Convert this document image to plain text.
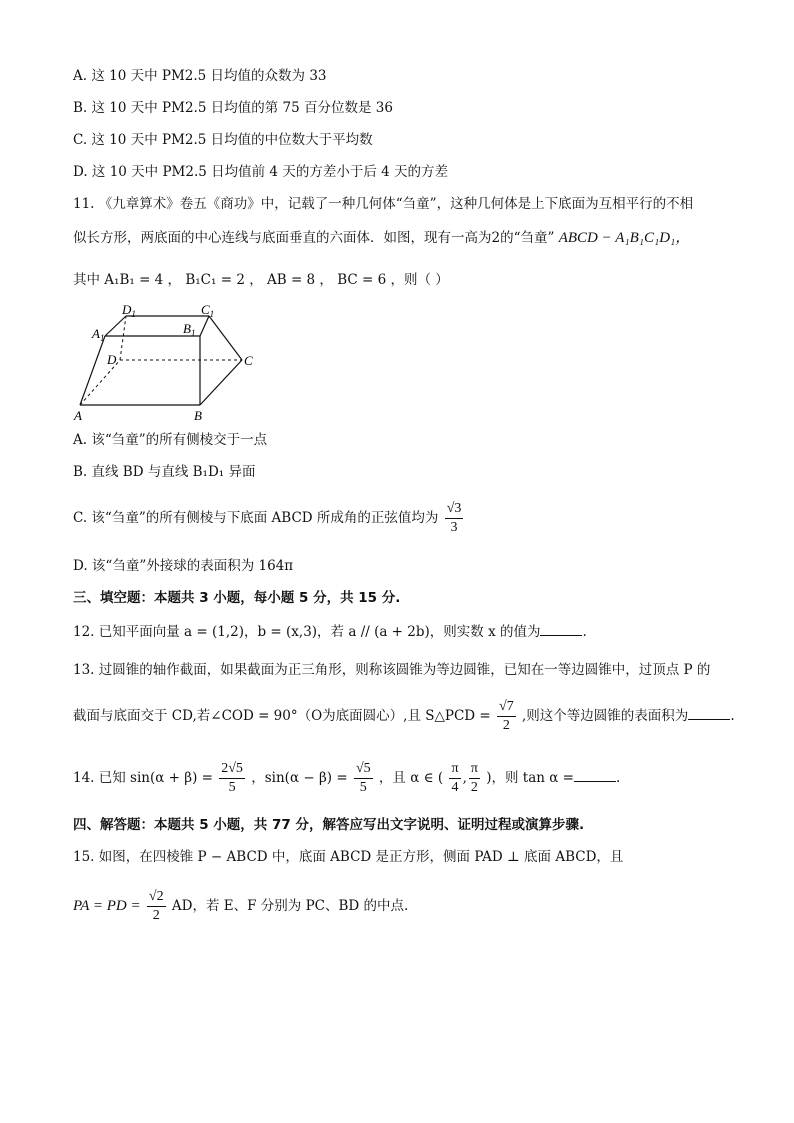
A. 这 10 天中 PM2.5 日均值的众数为 33
B. 这 10 天中 PM2.5 日均值的第 75 百分位数是 36
C. 这 10 天中 PM2.5 日均值的中位数大于平均数
D. 这 10 天中 PM2.5 日均值前 4 天的方差小于后 4 天的方差
11. 《九章算术》卷五《商功》中，记载了一种几何体“刍童”，这种几何体是上下底面为互相平行的不相
似长方形，两底面的中心连线与底面垂直的六面体．如图，现有一高为2的“刍童” ABCD − A₁B₁C₁D₁，
其中 A₁B₁ = 4 ， B₁C₁ = 2 ， AB = 8 ， BC = 6 ，则（ ）
A	B
C
D
$A_1$
$B_1$
$C_1$
$D_1$
A. 该“刍童”的所有侧棱交于一点
B. 直线 BD 与直线 B₁D₁ 异面
C. 该“刍童”的所有侧棱与下底面 ABCD 所成角的正弦值均为 $\frac{√3}{3}$
D. 该“刍童”外接球的表面积为 164π
三、填空题：本题共 3 小题，每小题 5 分，共 15 分.
12. 已知平面向量 a = (1,2)，b = (x,3)，若 a // (a + 2b)，则实数 x 的值为	.
13. 过圆锥的轴作截面，如果截面为正三角形，则称该圆锥为等边圆锥，已知在一等边圆锥中，过顶点 P 的
截面与底面交于 CD,若∠COD = 90°（O为底面圆心）,且 S△PCD = $\frac{√7}{2}$ ,则这个等边圆锥的表面积为	.
14. 已知 $\sin(\alpha + \beta) = \frac{2√5}{5}$ ，$\sin(\alpha - \beta) = \frac{√5}{5}$ ，且 α ∈ ( $\frac{\pi}{4}$ , $\frac{\pi}{2}$ )，则 tan α =	.
四、解答题：本题共 5 小题，共 77 分，解答应写出文字说明、证明过程或演算步骤.
15. 如图，在四棱锥 P − ABCD 中，底面 ABCD 是正方形，侧面 PAD ⊥ 底面 ABCD，且
PA = PD = $\frac{√2}{2}$ AD，若 E、F 分别为 PC、BD 的中点.
